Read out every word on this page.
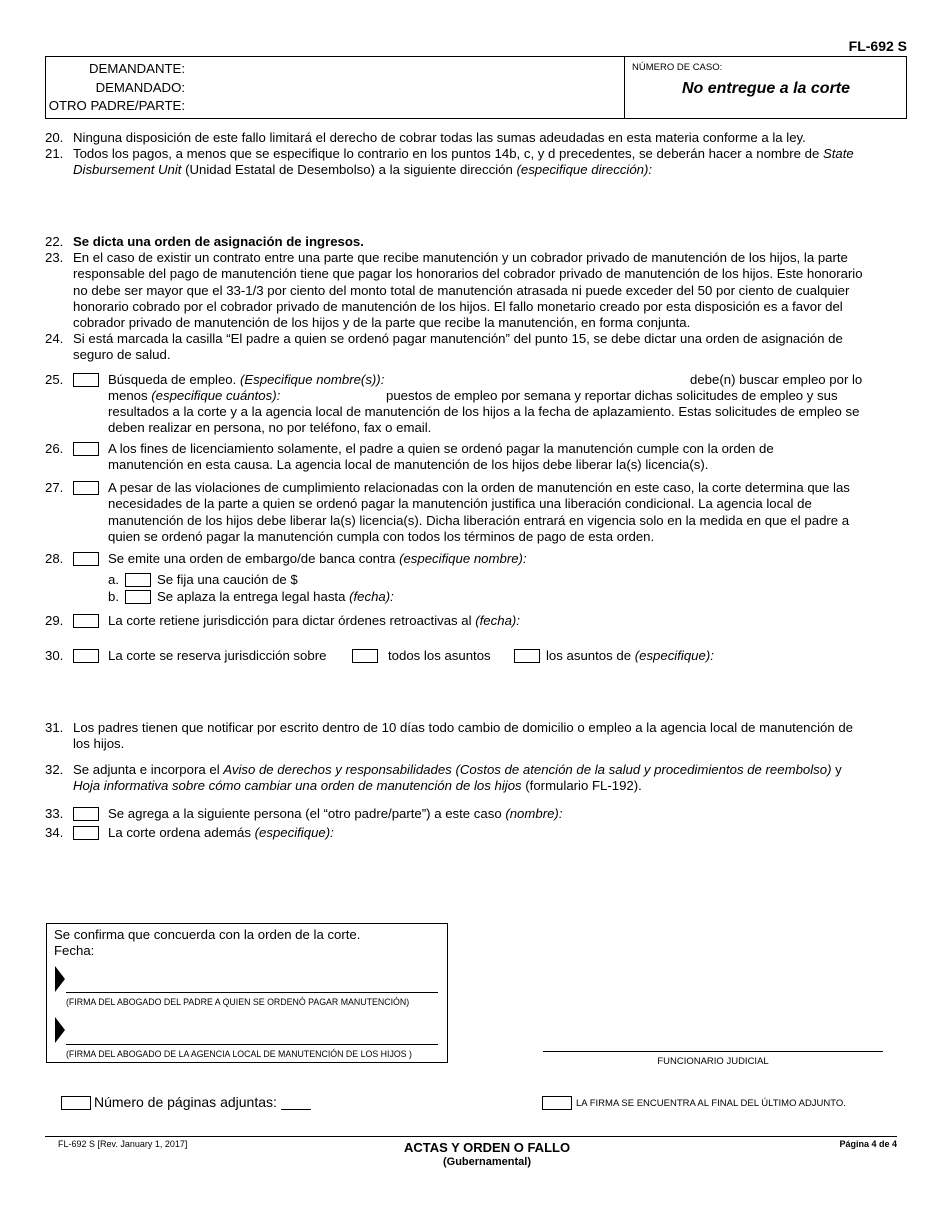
FL-692 S
DEMANDANTE:
DEMANDADO:
OTRO PADRE/PARTE:
NÚMERO DE CASO:
No entregue a la corte
20. Ninguna disposición de este fallo limitará el derecho de cobrar todas las sumas adeudadas en esta materia conforme a la ley.
21. Todos los pagos, a menos que se especifique lo contrario en los puntos 14b, c, y d precedentes, se deberán hacer a nombre de State
Disbursement Unit (Unidad Estatal de Desembolso) a la siguiente dirección (especifique dirección):
22. Se dicta una orden de asignación de ingresos.
23. En el caso de existir un contrato entre una parte que recibe manutención y un cobrador privado de manutención de los hijos, la parte
responsable del pago de manutención tiene que pagar los honorarios del cobrador privado de manutención de los hijos. Este honorario
no debe ser mayor que el 33-1/3 por ciento del monto total de manutención atrasada ni puede exceder del 50 por ciento de cualquier
honorario cobrado por el cobrador privado de manutención de los hijos. El fallo monetario creado por esta disposición es a favor del
cobrador privado de manutención de los hijos y de la parte que recibe la manutención, en forma conjunta.
24. Si está marcada la casilla “El padre a quien se ordenó pagar manutención” del punto 15, se debe dictar una orden de asignación de
seguro de salud.
25.	Búsqueda de empleo. (Especifique nombre(s)):	debe(n) buscar empleo por lo
menos (especifique cuántos):	puestos de empleo por semana y reportar dichas solicitudes de empleo y sus
resultados a la corte y a la agencia local de manutención de los hijos a la fecha de aplazamiento. Estas solicitudes de empleo se
deben realizar en persona, no por teléfono, fax o email.
26.	A los fines de licenciamiento solamente, el padre a quien se ordenó pagar la manutención cumple con la orden de
manutención en esta causa. La agencia local de manutención de los hijos debe liberar la(s) licencia(s).
27.	A pesar de las violaciones de cumplimiento relacionadas con la orden de manutención en este caso, la corte determina que las
necesidades de la parte a quien se ordenó pagar la manutención justifica una liberación condicional. La agencia local de
manutención de los hijos debe liberar la(s) licencia(s). Dicha liberación entrará en vigencia solo en la medida en que el padre a
quien se ordenó pagar la manutención cumpla con todos los términos de pago de esta orden.
28.	Se emite una orden de embargo/de banca contra (especifique nombre):
a.	Se fija una caución de $
b.	Se aplaza la entrega legal hasta (fecha):
29.	La corte retiene jurisdicción para dictar órdenes retroactivas al (fecha):
30.	La corte se reserva jurisdicción sobre	todos los asuntos	los asuntos de (especifique):
31. Los padres tienen que notificar por escrito dentro de 10 días todo cambio de domicilio o empleo a la agencia local de manutención de
los hijos.
32. Se adjunta e incorpora el Aviso de derechos y responsabilidades (Costos de atención de la salud y procedimientos de reembolso) y
Hoja informativa sobre cómo cambiar una orden de manutención de los hijos (formulario FL-192).
33.	Se agrega a la siguiente persona (el “otro padre/parte”) a este caso (nombre):
34.	La corte ordena además (especifique):
Se confirma que concuerda con la orden de la corte.
Fecha:
(FIRMA DEL ABOGADO DEL PADRE A QUIEN SE ORDENÓ PAGAR MANUTENCIÓN)
(FIRMA DEL ABOGADO DE LA AGENCIA LOCAL DE MANUTENCIÓN DE LOS HIJOS )
FUNCIONARIO JUDICIAL
Número de páginas adjuntas:	LA FIRMA SE ENCUENTRA AL FINAL DEL ÚLTIMO ADJUNTO.
FL-692 S [Rev. January 1, 2017]	ACTAS Y ORDEN O FALLO
(Gubernamental)
Página 4 de 4
